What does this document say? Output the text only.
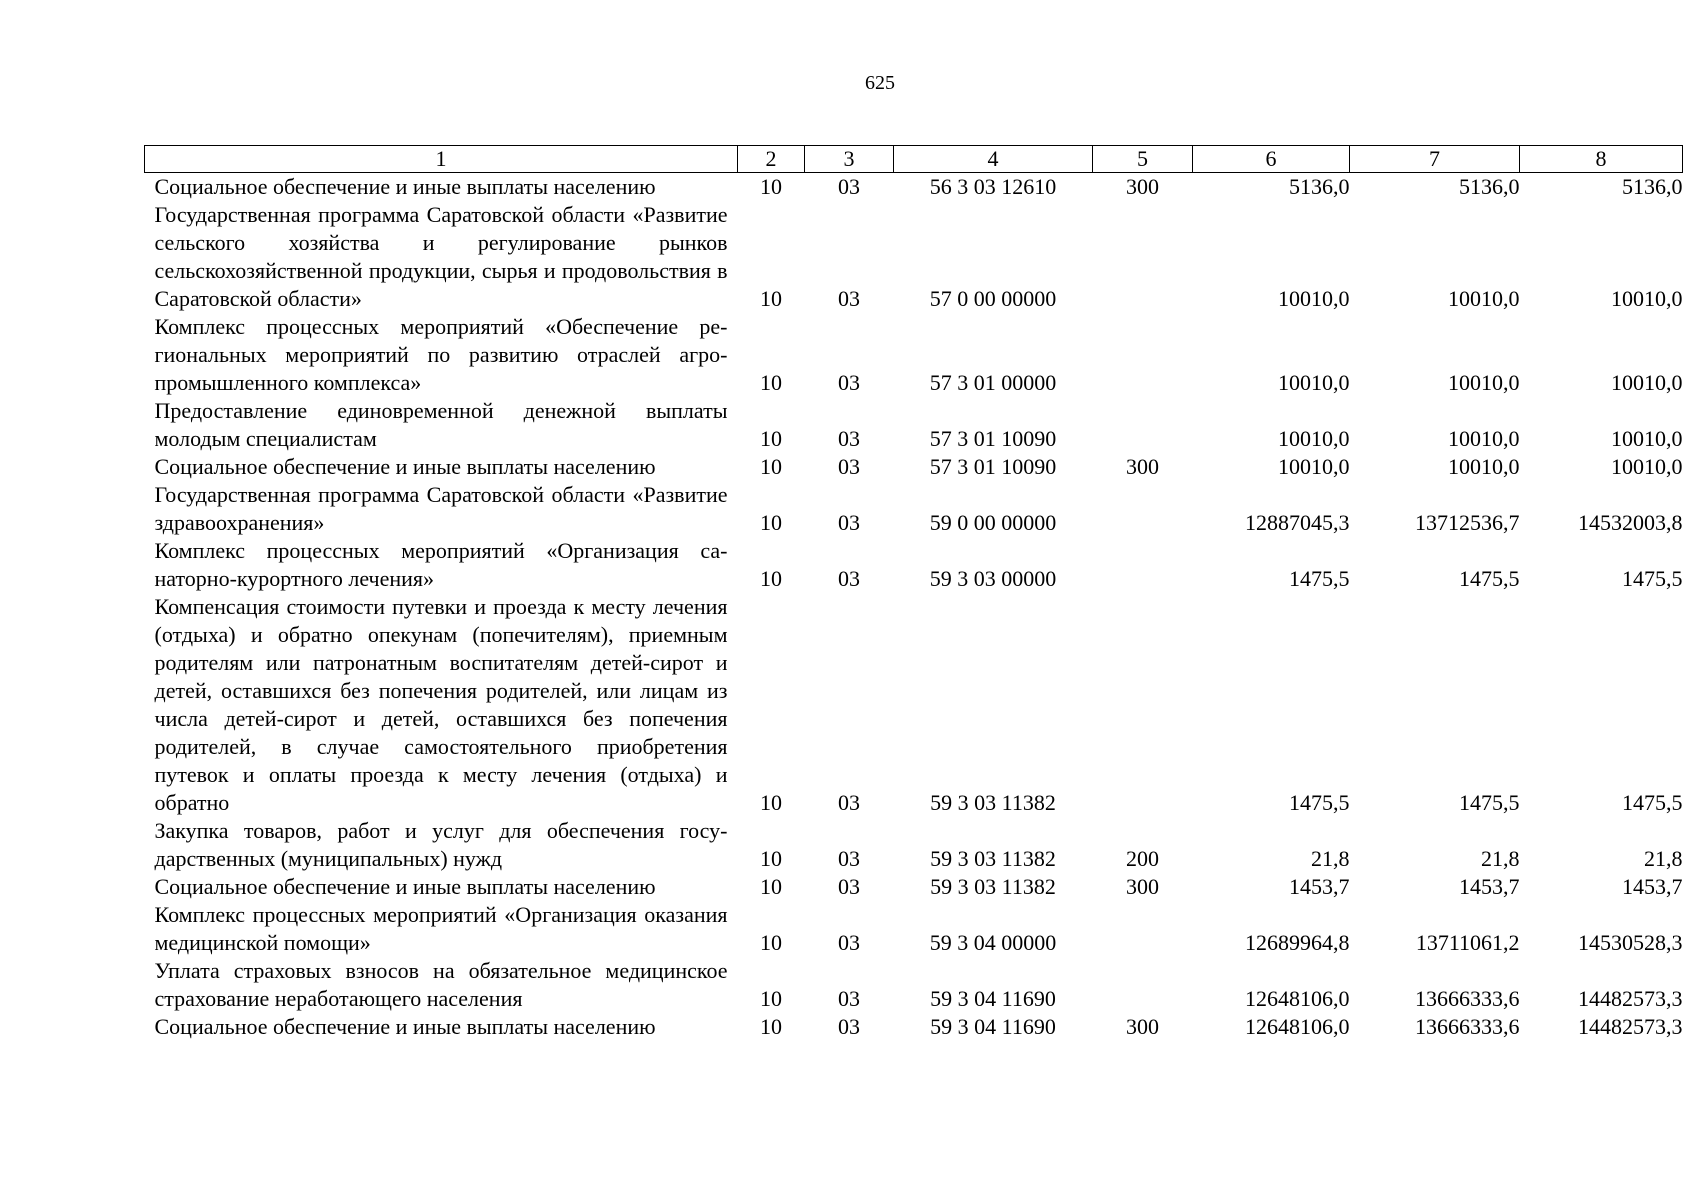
625
1	2	3	4	5	6	7	8
Социальное обеспечение и иные выплаты населению	10	03	56 3 03 12610	300	5136,0	5136,0	5136,0
Государственная программа Саратовской области «Развитие сельского хозяйства и регулирование рынков сельскохозяйственной продукции, сырья и продовольствия в Саратовской области»	10	03	57 0 00 00000		10010,0	10010,0	10010,0
Комплекс процессных мероприятий «Обеспечение региональных мероприятий по развитию отраслей агропромышленного комплекса»	10	03	57 3 01 00000		10010,0	10010,0	10010,0
Предоставление единовременной денежной выплаты молодым специалистам	10	03	57 3 01 10090		10010,0	10010,0	10010,0
Социальное обеспечение и иные выплаты населению	10	03	57 3 01 10090	300	10010,0	10010,0	10010,0
Государственная программа Саратовской области «Развитие здравоохранения»	10	03	59 0 00 00000		12887045,3	13712536,7	14532003,8
Комплекс процессных мероприятий «Организация санаторно-курортного лечения»	10	03	59 3 03 00000		1475,5	1475,5	1475,5
Компенсация стоимости путевки и проезда к месту лечения (отдыха) и обратно опекунам (попечителям), приемным родителям или патронатным воспитателям детей-сирот и детей, оставшихся без попечения родителей, или лицам из числа детей-сирот и детей, оставшихся без попечения родителей, в случае самостоятельного приобретения путевок и оплаты проезда к месту лечения (отдыха) и обратно	10	03	59 3 03 11382		1475,5	1475,5	1475,5
Закупка товаров, работ и услуг для обеспечения государственных (муниципальных) нужд	10	03	59 3 03 11382	200	21,8	21,8	21,8
Социальное обеспечение и иные выплаты населению	10	03	59 3 03 11382	300	1453,7	1453,7	1453,7
Комплекс процессных мероприятий «Организация оказания медицинской помощи»	10	03	59 3 04 00000		12689964,8	13711061,2	14530528,3
Уплата страховых взносов на обязательное медицинское страхование неработающего населения	10	03	59 3 04 11690		12648106,0	13666333,6	14482573,3
Социальное обеспечение и иные выплаты населению	10	03	59 3 04 11690	300	12648106,0	13666333,6	14482573,3
